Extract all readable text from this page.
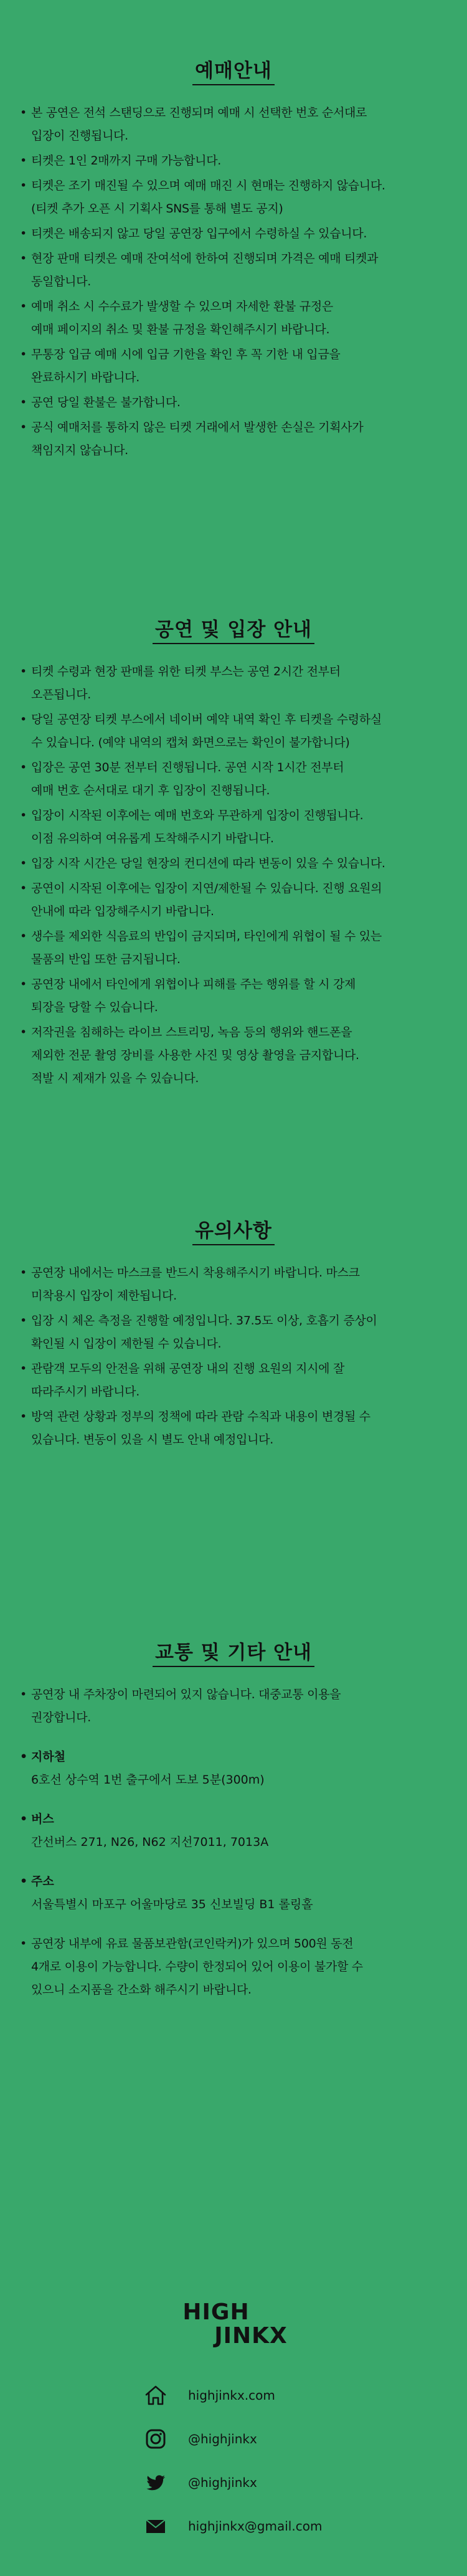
예매안내
• 본 공연은 전석 스탠딩으로 진행되며 예매 시 선택한 번호 순서대로
입장이 진행됩니다.
• 티켓은 1인 2매까지 구매 가능합니다.
• 티켓은 조기 매진될 수 있으며 예매 매진 시 현매는 진행하지 않습니다.
(티켓 추가 오픈 시 기획사 SNS를 통해 별도 공지)
• 티켓은 배송되지 않고 당일 공연장 입구에서 수령하실 수 있습니다.
• 현장 판매 티켓은 예매 잔여석에 한하여 진행되며 가격은 예매 티켓과
동일합니다.
• 예매 취소 시 수수료가 발생할 수 있으며 자세한 환불 규정은
예매 페이지의 취소 및 환불 규정을 확인해주시기 바랍니다.
• 무통장 입금 예매 시에 입금 기한을 확인 후 꼭 기한 내 입금을
완료하시기 바랍니다.
• 공연 당일 환불은 불가합니다.
• 공식 예매처를 통하지 않은 티켓 거래에서 발생한 손실은 기획사가
책임지지 않습니다.
공연 및 입장 안내
• 티켓 수령과 현장 판매를 위한 티켓 부스는 공연 2시간 전부터
오픈됩니다.
• 당일 공연장 티켓 부스에서 네이버 예약 내역 확인 후 티켓을 수령하실
수 있습니다. (예약 내역의 캡쳐 화면으로는 확인이 불가합니다)
• 입장은 공연 30분 전부터 진행됩니다. 공연 시작 1시간 전부터
예매 번호 순서대로 대기 후 입장이 진행됩니다.
• 입장이 시작된 이후에는 예매 번호와 무관하게 입장이 진행됩니다.
이점 유의하여 여유롭게 도착해주시기 바랍니다.
• 입장 시작 시간은 당일 현장의 컨디션에 따라 변동이 있을 수 있습니다.
• 공연이 시작된 이후에는 입장이 지연/제한될 수 있습니다. 진행 요원의
안내에 따라 입장해주시기 바랍니다.
• 생수를 제외한 식음료의 반입이 금지되며, 타인에게 위협이 될 수 있는
물품의 반입 또한 금지됩니다.
• 공연장 내에서 타인에게 위협이나 피해를 주는 행위를 할 시 강제
퇴장을 당할 수 있습니다.
• 저작권을 침해하는 라이브 스트리밍, 녹음 등의 행위와 핸드폰을
제외한 전문 촬영 장비를 사용한 사진 및 영상 촬영을 금지합니다.
적발 시 제재가 있을 수 있습니다.
유의사항
• 공연장 내에서는 마스크를 반드시 착용해주시기 바랍니다. 마스크
미착용시 입장이 제한됩니다.
• 입장 시 체온 측정을 진행할 예정입니다. 37.5도 이상, 호흡기 증상이
확인될 시 입장이 제한될 수 있습니다.
• 관람객 모두의 안전을 위해 공연장 내의 진행 요원의 지시에 잘
따라주시기 바랍니다.
• 방역 관련 상황과 정부의 정책에 따라 관람 수칙과 내용이 변경될 수
있습니다. 변동이 있을 시 별도 안내 예정입니다.
교통 및 기타 안내
• 공연장 내 주차장이 마련되어 있지 않습니다. 대중교통 이용을
권장합니다.
• 지하철
6호선 상수역 1번 출구에서 도보 5분(300m)
• 버스
간선버스 271, N26, N62 지선7011, 7013A
• 주소
서울특별시 마포구 어울마당로 35 신보빌딩 B1 롤링홀
• 공연장 내부에 유료 물품보관함(코인락커)가 있으며 500원 동전
4개로 이용이 가능합니다. 수량이 한정되어 있어 이용이 불가할 수
있으니 소지품을 간소화 해주시기 바랍니다.
HIGH
JINKX
highjinkx.com
@highjinkx
@highjinkx
highjinkx@gmail.com
